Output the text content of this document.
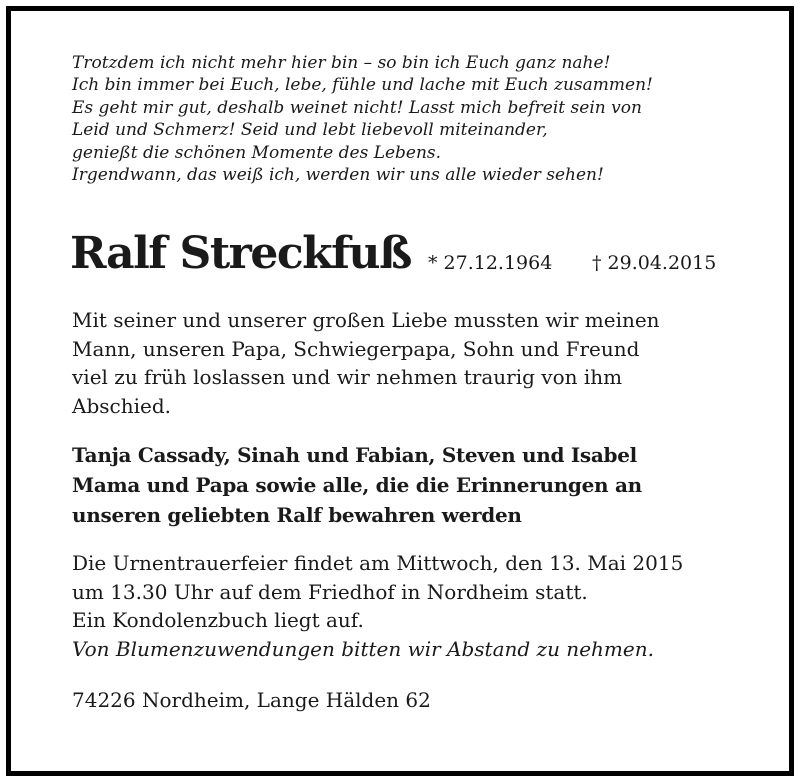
Trotzdem ich nicht mehr hier bin – so bin ich Euch ganz nahe!
Ich bin immer bei Euch, lebe, fühle und lache mit Euch zusammen!
Es geht mir gut, deshalb weinet nicht! Lasst mich befreit sein von
Leid und Schmerz! Seid und lebt liebevoll miteinander,
genießt die schönen Momente des Lebens.
Irgendwann, das weiß ich, werden wir uns alle wieder sehen!
Ralf Streckfuß * 27.12.1964 † 29.04.2015
Mit seiner und unserer großen Liebe mussten wir meinen
Mann, unseren Papa, Schwiegerpapa, Sohn und Freund
viel zu früh loslassen und wir nehmen traurig von ihm
Abschied.
Tanja Cassady, Sinah und Fabian, Steven und Isabel
Mama und Papa sowie alle, die die Erinnerungen an
unseren geliebten Ralf bewahren werden
Die Urnentrauerfeier findet am Mittwoch, den 13. Mai 2015
um 13.30 Uhr auf dem Friedhof in Nordheim statt.
Ein Kondolenzbuch liegt auf.
Von Blumenzuwendungen bitten wir Abstand zu nehmen.
74226 Nordheim, Lange Hälden 62
